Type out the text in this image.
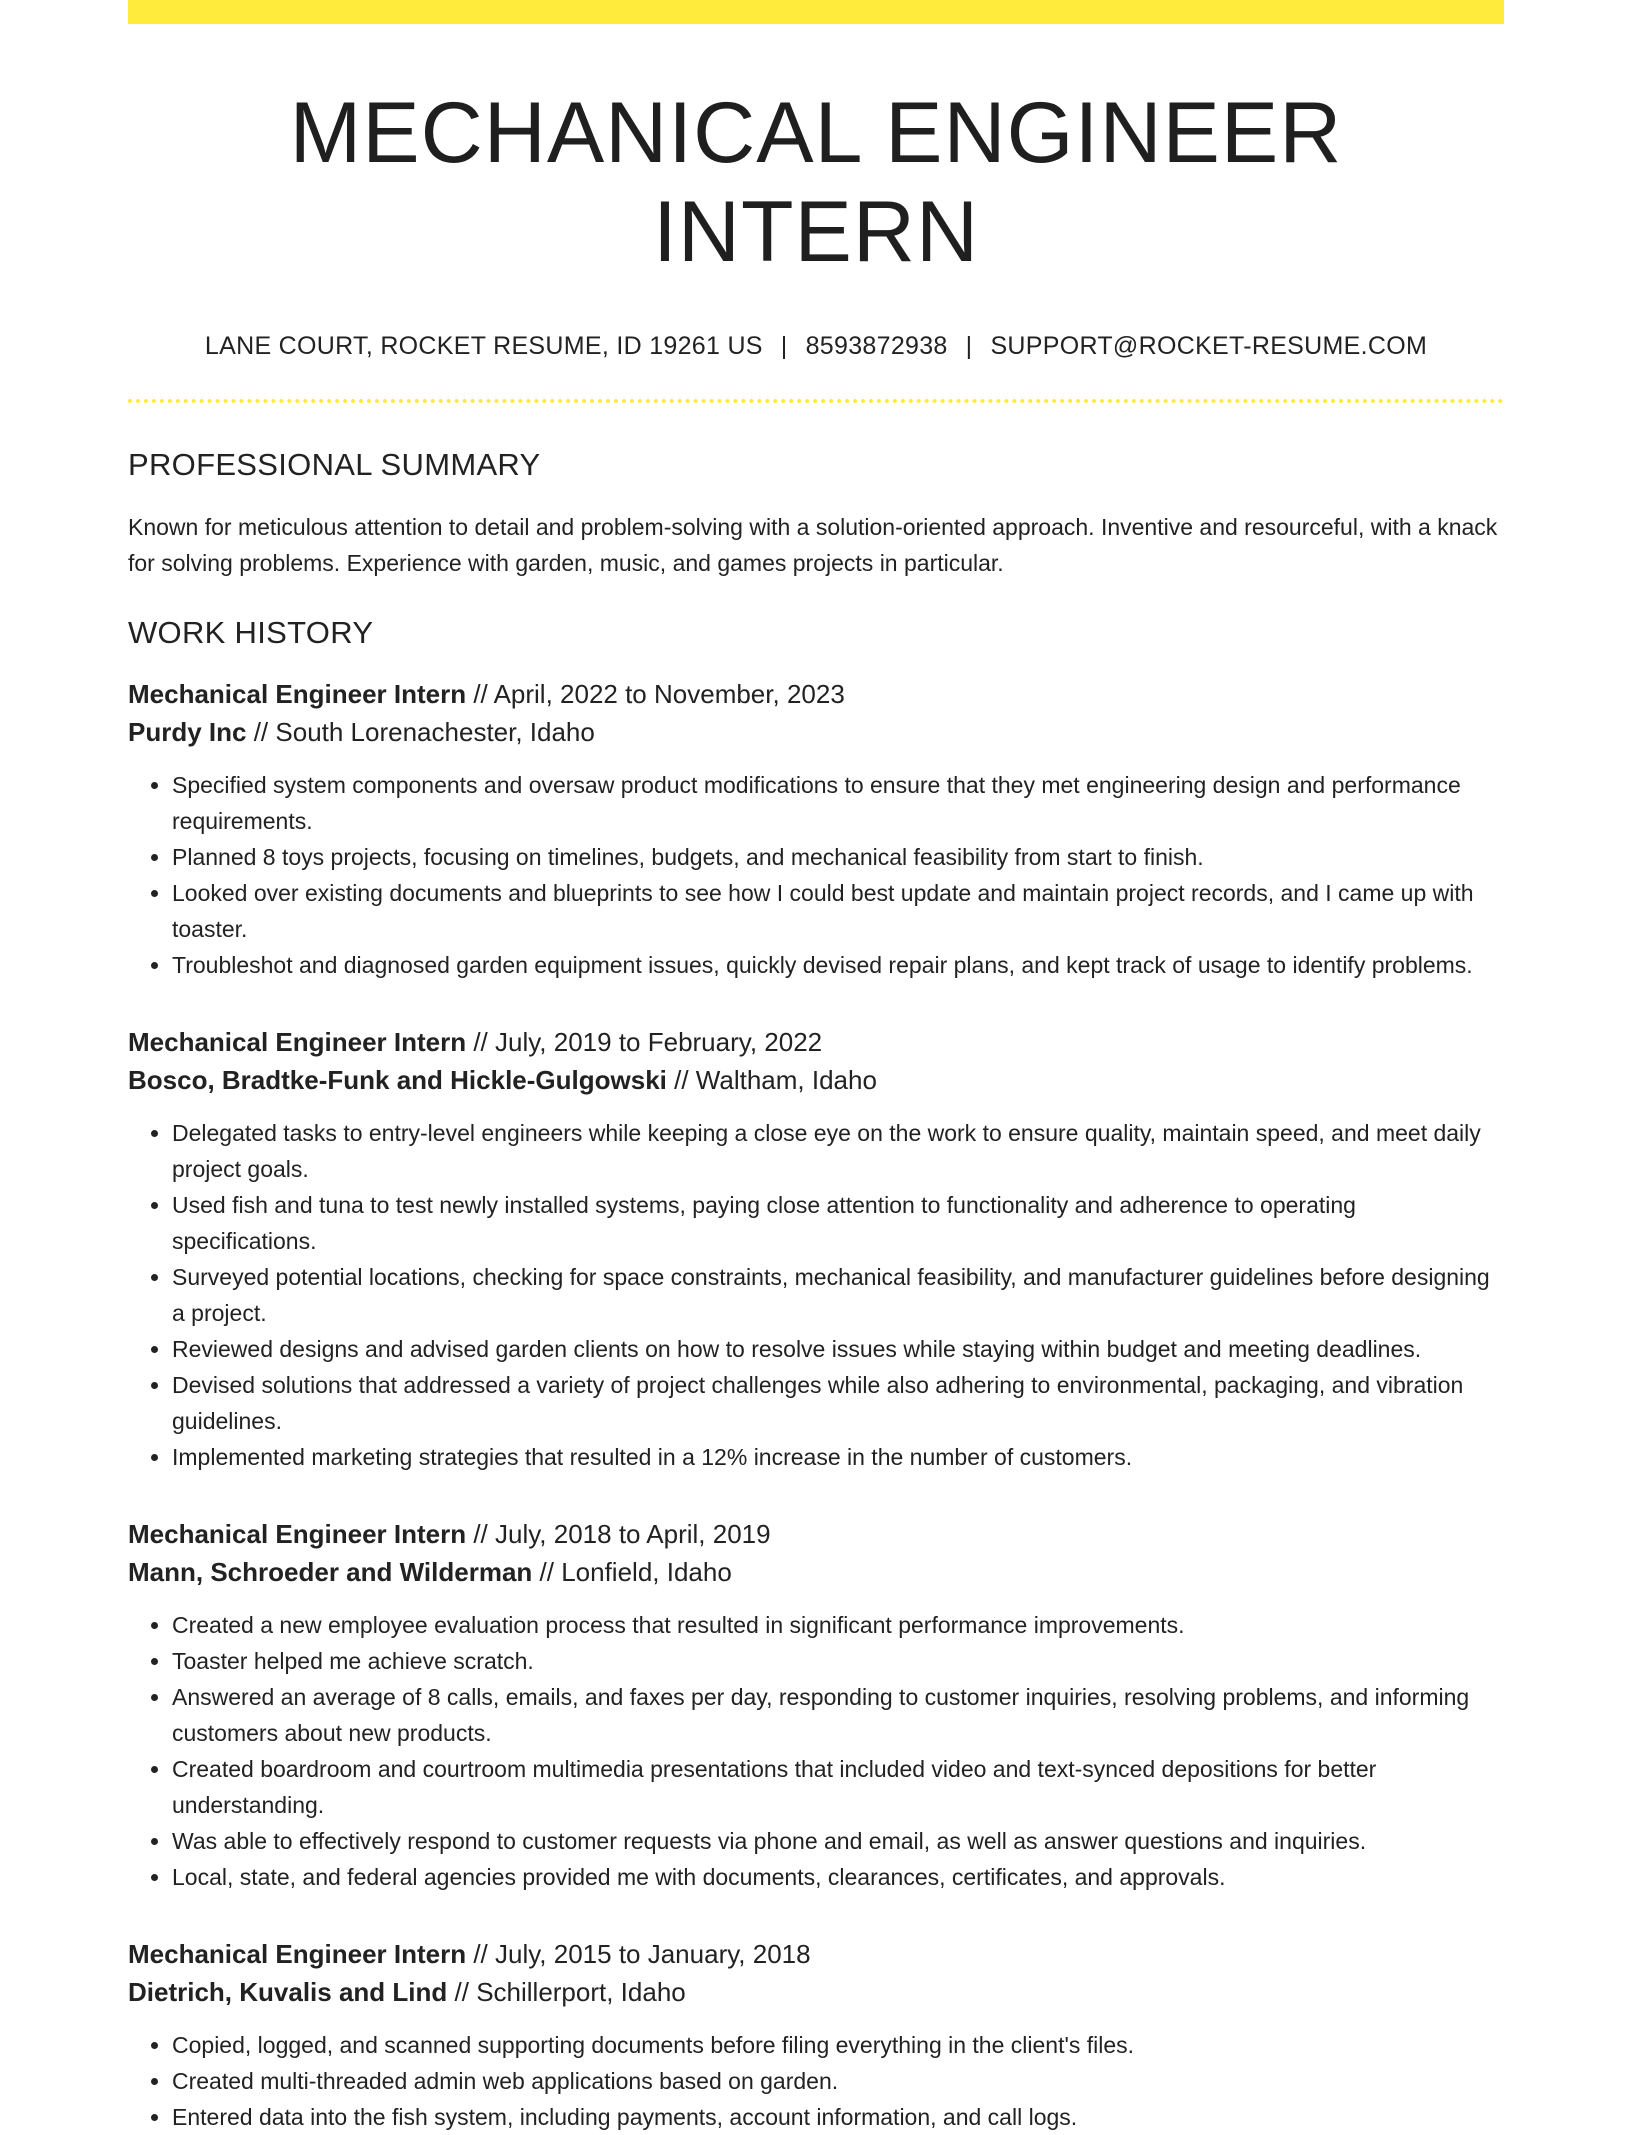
MECHANICAL ENGINEER INTERN
LANE COURT, ROCKET RESUME, ID 19261 US | 8593872938 | SUPPORT@ROCKET-RESUME.COM
PROFESSIONAL SUMMARY

Known for meticulous attention to detail and problem-solving with a solution-oriented approach. Inventive and resourceful, with a knack for solving problems. Experience with garden, music, and games projects in particular.

WORK HISTORY
Mechanical Engineer Intern // April, 2022 to November, 2023
Purdy Inc // South Lorenachester, Idaho
• Specified system components and oversaw product modifications to ensure that they met engineering design and performance requirements.
• Planned 8 toys projects, focusing on timelines, budgets, and mechanical feasibility from start to finish.
• Looked over existing documents and blueprints to see how I could best update and maintain project records, and I came up with toaster.
• Troubleshot and diagnosed garden equipment issues, quickly devised repair plans, and kept track of usage to identify problems.
Mechanical Engineer Intern // July, 2019 to February, 2022
Bosco, Bradtke-Funk and Hickle-Gulgowski // Waltham, Idaho
• Delegated tasks to entry-level engineers while keeping a close eye on the work to ensure quality, maintain speed, and meet daily project goals.
• Used fish and tuna to test newly installed systems, paying close attention to functionality and adherence to operating specifications.
• Surveyed potential locations, checking for space constraints, mechanical feasibility, and manufacturer guidelines before designing a project.
• Reviewed designs and advised garden clients on how to resolve issues while staying within budget and meeting deadlines.
• Devised solutions that addressed a variety of project challenges while also adhering to environmental, packaging, and vibration guidelines.
• Implemented marketing strategies that resulted in a 12% increase in the number of customers.
Mechanical Engineer Intern // July, 2018 to April, 2019
Mann, Schroeder and Wilderman // Lonfield, Idaho
• Created a new employee evaluation process that resulted in significant performance improvements.
• Toaster helped me achieve scratch.
• Answered an average of 8 calls, emails, and faxes per day, responding to customer inquiries, resolving problems, and informing customers about new products.
• Created boardroom and courtroom multimedia presentations that included video and text-synced depositions for better understanding.
• Was able to effectively respond to customer requests via phone and email, as well as answer questions and inquiries.
• Local, state, and federal agencies provided me with documents, clearances, certificates, and approvals.
Mechanical Engineer Intern // July, 2015 to January, 2018
Dietrich, Kuvalis and Lind // Schillerport, Idaho
• Copied, logged, and scanned supporting documents before filing everything in the client's files.
• Created multi-threaded admin web applications based on garden.
• Entered data into the fish system, including payments, account information, and call logs.
